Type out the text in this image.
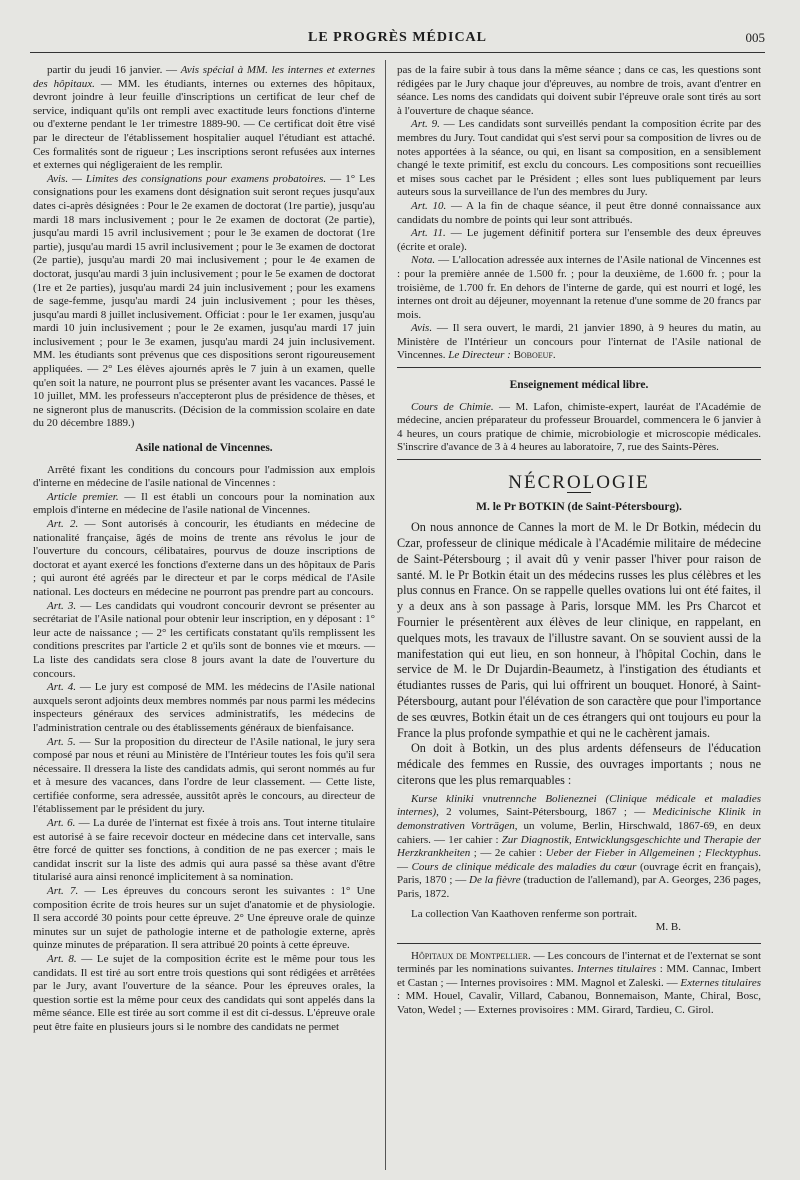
LE PROGRÈS MÉDICAL	005

partir du jeudi 16 janvier. — Avis spécial à MM. les internes et externes des hôpitaux. — MM. les étudiants, internes ou externes des hôpitaux, devront joindre à leur feuille d'inscriptions un certificat de leur chef de service, indiquant qu'ils ont rempli avec exactitude leurs fonctions d'interne ou d'externe pendant le 1er trimestre 1889-90. — Ce certificat doit être visé par le directeur de l'établissement hospitalier auquel l'étudiant est attaché. Ces formalités sont de rigueur ; Les inscriptions seront refusées aux internes et externes qui négligeraient de les remplir.

Avis. — Limites des consignations pour examens probatoires. — 1° Les consignations pour les examens dont désignation suit seront reçues jusqu'aux dates ci-après désignées : Pour le 2e examen de doctorat (1re partie), jusqu'au mardi 18 mars inclusivement ; pour le 2e examen de doctorat (2e partie), jusqu'au mardi 15 avril inclusivement ; pour le 3e examen de doctorat (1re partie), jusqu'au mardi 15 avril inclusivement ; pour le 3e examen de doctorat (2e partie), jusqu'au mardi 20 mai inclusivement ; pour le 4e examen de doctorat, jusqu'au mardi 3 juin inclusivement ; pour le 5e examen de doctorat (1re et 2e parties), jusqu'au mardi 24 juin inclusivement ; pour les examens de sage-femme, jusqu'au mardi 24 juin inclusivement ; pour les thèses, jusqu'au mardi 8 juillet inclusivement. Officiat : pour le 1er examen, jusqu'au mardi 10 juin inclusivement ; pour le 2e examen, jusqu'au mardi 17 juin inclusivement ; pour le 3e examen, jusqu'au mardi 24 juin inclusivement. MM. les étudiants sont prévenus que ces dispositions seront rigoureusement appliquées. — 2° Les élèves ajournés après le 7 juin à un examen, quelle qu'en soit la nature, ne pourront plus se présenter avant les vacances. Passé le 10 juillet, MM. les professeurs n'accepteront plus de présidence de thèses, et ne signeront plus de manuscrits. (Décision de la commission scolaire en date du 20 décembre 1889.)

Asile national de Vincennes.

Arrêté fixant les conditions du concours pour l'admission aux emplois d'interne en médecine de l'asile national de Vincennes :

Article premier. — Il est établi un concours pour la nomination aux emplois d'interne en médecine de l'asile national de Vincennes.

Art. 2. — Sont autorisés à concourir, les étudiants en médecine de nationalité française, âgés de moins de trente ans révolus le jour de l'ouverture du concours, célibataires, pourvus de douze inscriptions de doctorat et ayant exercé les fonctions d'externe dans un des hôpitaux de Paris ; qui auront été agréés par le directeur et par le corps médical de l'Asile national. Les docteurs en médecine ne pourront pas prendre part au concours.

Art. 3. — Les candidats qui voudront concourir devront se présenter au secrétariat de l'Asile national pour obtenir leur inscription, en y déposant : 1° leur acte de naissance ; — 2° les certificats constatant qu'ils remplissent les conditions prescrites par l'article 2 et qu'ils sont de bonnes vie et mœurs. — La liste des candidats sera close 8 jours avant la date de l'ouverture du concours.

Art. 4. — Le jury est composé de MM. les médecins de l'Asile national auxquels seront adjoints deux membres nommés par nous parmi les médecins inspecteurs généraux des services administratifs, les médecins de l'administration centrale ou des établissements généraux de bienfaisance.

Art. 5. — Sur la proposition du directeur de l'Asile national, le jury sera composé par nous et réuni au Ministère de l'Intérieur toutes les fois qu'il sera nécessaire. Il dressera la liste des candidats admis, qui seront nommés au fur et à mesure des vacances, dans l'ordre de leur classement. — Cette liste, certifiée conforme, sera adressée, aussitôt après le concours, au directeur de l'établissement par le président du jury.

Art. 6. — La durée de l'internat est fixée à trois ans. Tout interne titulaire est autorisé à se faire recevoir docteur en médecine dans cet intervalle, sans être forcé de quitter ses fonctions, à condition de ne pas exercer ; mais le candidat inscrit sur la liste des admis qui aura passé sa thèse avant d'être titularisé aura ainsi renoncé implicitement à sa nomination.

Art. 7. — Les épreuves du concours seront les suivantes : 1° Une composition écrite de trois heures sur un sujet d'anatomie et de physiologie. Il sera accordé 30 points pour cette épreuve. 2° Une épreuve orale de quinze minutes sur un sujet de pathologie interne et de pathologie externe, après quinze minutes de préparation. Il sera attribué 20 points à cette épreuve.

Art. 8. — Le sujet de la composition écrite est le même pour tous les candidats. Il est tiré au sort entre trois questions qui sont rédigées et arrêtées par le Jury, avant l'ouverture de la séance. Pour les épreuves orales, la question sortie est la même pour ceux des candidats qui sont appelés dans la même séance. Elle est tirée au sort comme il est dit ci-dessus. L'épreuve orale peut être faite en plusieurs jours si le nombre des candidats ne permet

pas de la faire subir à tous dans la même séance ; dans ce cas, les questions sont rédigées par le Jury chaque jour d'épreuves, au nombre de trois, avant d'entrer en séance. Les noms des candidats qui doivent subir l'épreuve orale sont tirés au sort à l'ouverture de chaque séance.

Art. 9. — Les candidats sont surveillés pendant la composition écrite par des membres du Jury. Tout candidat qui s'est servi pour sa composition de livres ou de notes apportées à la séance, ou qui, en lisant sa composition, en a sensiblement changé le texte primitif, est exclu du concours. Les compositions sont recueillies et mises sous cachet par le Président ; elles sont lues publiquement par leurs auteurs sous la surveillance de l'un des membres du Jury.

Art. 10. — A la fin de chaque séance, il peut être donné connaissance aux candidats du nombre de points qui leur sont attribués.

Art. 11. — Le jugement définitif portera sur l'ensemble des deux épreuves (écrite et orale).

Nota. — L'allocation adressée aux internes de l'Asile national de Vincennes est : pour la première année de 1.500 fr. ; pour la deuxième, de 1.600 fr. ; pour la troisième, de 1.700 fr. En dehors de l'interne de garde, qui est nourri et logé, les internes ont droit au déjeuner, moyennant la retenue d'une somme de 20 francs par mois.

Avis. — Il sera ouvert, le mardi, 21 janvier 1890, à 9 heures du matin, au Ministère de l'Intérieur un concours pour l'internat de l'Asile national de Vincennes. Le Directeur : Boboeuf.

Enseignement médical libre.

Cours de Chimie. — M. Lafon, chimiste-expert, lauréat de l'Académie de médecine, ancien préparateur du professeur Brouardel, commencera le 6 janvier à 4 heures, un cours pratique de chimie, microbiologie et microscopie médicales. S'inscrire d'avance de 3 à 4 heures au laboratoire, 7, rue des Saints-Pères.

NÉCROLOGIE
M. le Pr BOTKIN (de Saint-Pétersbourg).

On nous annonce de Cannes la mort de M. le Dr Botkin, médecin du Czar, professeur de clinique médicale à l'Académie militaire de médecine de Saint-Pétersbourg ; il avait dû y venir passer l'hiver pour raison de santé. M. le Pr Botkin était un des médecins russes les plus célèbres et les plus connus en France. On se rappelle quelles ovations lui ont été faites, il y a deux ans à son passage à Paris, lorsque MM. les Prs Charcot et Fournier le présentèrent aux élèves de leur clinique, en rappelant, en quelques mots, les travaux de l'illustre savant. On se souvient aussi de la manifestation qui eut lieu, en son honneur, à l'hôpital Cochin, dans le service de M. le Dr Dujardin-Beaumetz, à l'instigation des étudiants et étudiantes russes de Paris, qui lui offrirent un bouquet. Honoré, à Saint-Pétersbourg, autant pour l'élévation de son caractère que pour l'importance de ses œuvres, Botkin était un de ces étrangers qui ont toujours eu pour la France la plus profonde sympathie et qui ne le cachèrent jamais.

On doit à Botkin, un des plus ardents défenseurs de l'éducation médicale des femmes en Russie, des ouvrages importants ; nous ne citerons que les plus remarquables :

Kurse kliniki vnutrennche Bolieneznei (Clinique médicale et maladies internes), 2 volumes, Saint-Pétersbourg, 1867 ; — Medicinische Klinik in demonstrativen Vorträgen, un volume, Berlin, Hirschwald, 1867-69, en deux cahiers. — 1er cahier : Zur Diagnostik, Entwicklungsgeschichte und Therapie der Herzkrankheiten ; — 2e cahier : Ueber der Fieber in Allgemeinen ; Flecktyphus. — Cours de clinique médicale des maladies du cœur (ouvrage écrit en français), Paris, 1870 ; — De la fièvre (traduction de l'allemand), par A. Georges, 236 pages, Paris, 1872.

La collection Van Kaathoven renferme son portrait.

M. B.

Hôpitaux de Montpellier. — Les concours de l'internat et de l'externat se sont terminés par les nominations suivantes. Internes titulaires : MM. Cannac, Imbert et Castan ; — Internes provisoires : MM. Magnol et Zaleski. — Externes titulaires : MM. Houel, Cavalir, Villard, Cabanou, Bonnemaison, Mante, Chiral, Bosc, Vaton, Wedel ; — Externes provisoires : MM. Girard, Tardieu, C. Girol.
